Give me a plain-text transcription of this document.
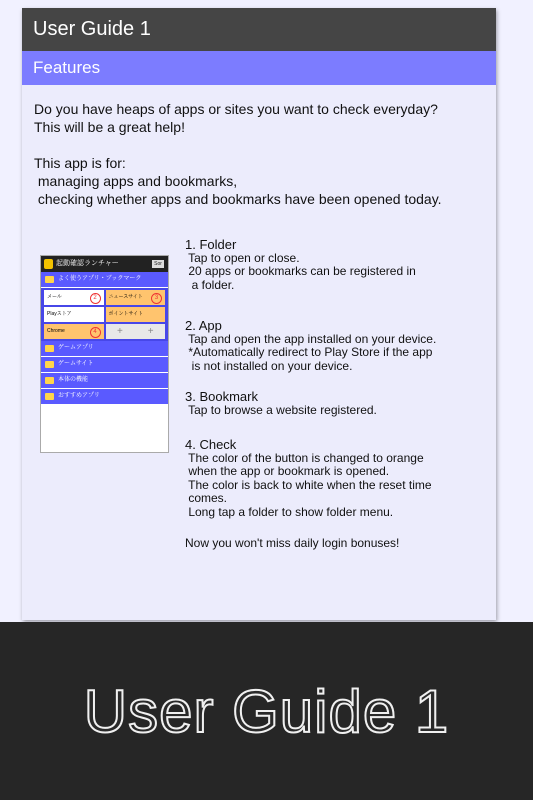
User Guide 1
Features

Do you have heaps of apps or sites you want to check everyday?

This will be a great help!

This app is for:

managing apps and bookmarks,

checking whether apps and bookmarks have been opened today.

起動確認ランチャー	Sor
よく使うアプリ・ブックマーク
メール	2	ニュースサイト	3
Playストア	ポイントサイト
Chrome	4	+ +
ゲームアプリ
ゲームサイト
本体の機能
おすすめアプリ

1. Folder

Tap to open or close.

20 apps or bookmarks can be registered in

a folder.

2. App

Tap and open the app installed on your device.

*Automatically redirect to Play Store if the app

is not installed on your device.

3. Bookmark

Tap to browse a website registered.

4. Check

The color of the button is changed to orange

when the app or bookmark is opened.

The color is back to white when the reset time

comes.

Long tap a folder to show folder menu.

Now you won't miss daily login bonuses!

User Guide 1
